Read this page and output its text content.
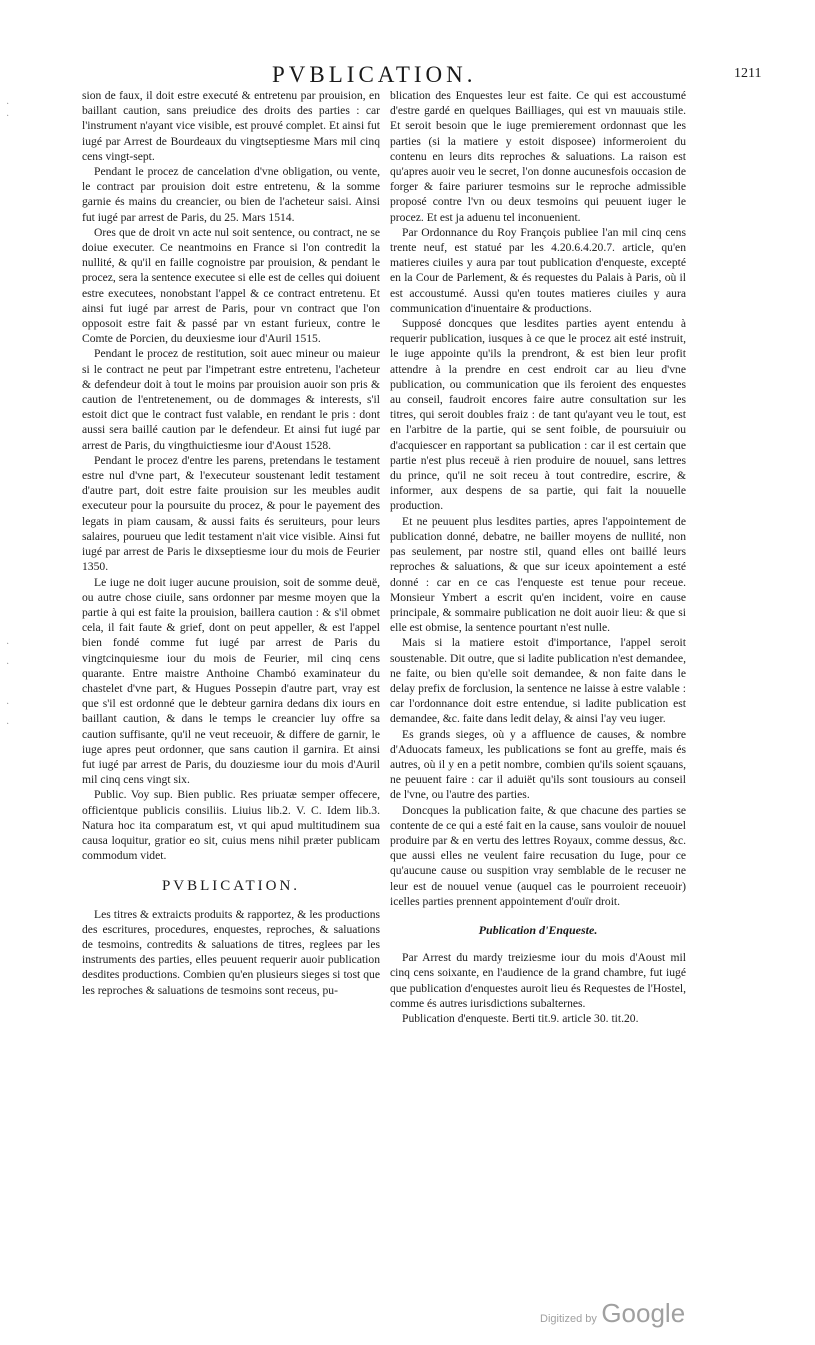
PVBLICATION.	1211
·
·
·
·
·
·

sion de faux, il doit estre executé & entretenu par prouision, en baillant caution, sans preiudice des droits des parties : car l'instrument n'ayant vice visible, est prouvé complet. Et ainsi fut iugé par Arrest de Bourdeaux du vingtseptiesme Mars mil cinq cens vingt-sept.

Pendant le procez de cancelation d'vne obligation, ou vente, le contract par prouision doit estre entretenu, & la somme garnie és mains du creancier, ou bien de l'acheteur saisi. Ainsi fut iugé par arrest de Paris, du 25. Mars 1514.

Ores que de droit vn acte nul soit sentence, ou contract, ne se doiue executer. Ce neantmoins en France si l'on contredit la nullité, & qu'il en faille cognoistre par prouision, & pendant le procez, sera la sentence executee si elle est de celles qui doiuent estre executees, nonobstant l'appel & ce contract entretenu. Et ainsi fut iugé par arrest de Paris, pour vn contract que l'on opposoit estre fait & passé par vn estant furieux, contre le Comte de Porcien, du deuxiesme iour d'Auril 1515.

Pendant le procez de restitution, soit auec mineur ou maieur si le contract ne peut par l'impetrant estre entretenu, l'acheteur & defendeur doit à tout le moins par prouision auoir son pris & caution de l'entretenement, ou de dommages & interests, s'il estoit dict que le contract fust valable, en rendant le pris : dont aussi sera baillé caution par le defendeur. Et ainsi fut iugé par arrest de Paris, du vingthuictiesme iour d'Aoust 1528.

Pendant le procez d'entre les parens, pretendans le testament estre nul d'vne part, & l'executeur soustenant ledit testament d'autre part, doit estre faite prouision sur les meubles audit executeur pour la poursuite du procez, & pour le payement des legats in piam causam, & aussi faits és seruiteurs, pour leurs salaires, pourueu que ledit testament n'ait vice visible. Ainsi fut iugé par arrest de Paris le dixseptiesme iour du mois de Feurier 1350.

Le iuge ne doit iuger aucune prouision, soit de somme deuë, ou autre chose ciuile, sans ordonner par mesme moyen que la partie à qui est faite la prouision, baillera caution : & s'il obmet cela, il fait faute & grief, dont on peut appeller, & est l'appel bien fondé comme fut iugé par arrest de Paris du vingtcinquiesme iour du mois de Feurier, mil cinq cens quarante. Entre maistre Anthoine Chambó examinateur du chastelet d'vne part, & Hugues Possepin d'autre part, vray est que s'il est ordonné que le debteur garnira dedans dix iours en baillant caution, & dans le temps le creancier luy offre sa caution suffisante, qu'il ne veut receuoir, & differe de garnir, le iuge apres peut ordonner, que sans caution il garnira. Et ainsi fut iugé par arrest de Paris, du douziesme iour du mois d'Auril mil cinq cens vingt six.

Public. Voy sup. Bien public. Res priuatæ semper offecere, officientque publicis consiliis. Liuius lib.2. V. C. Idem lib.3. Natura hoc ita comparatum est, vt qui apud multitudinem sua causa loquitur, gratior eo sit, cuius mens nihil præter publicam commodum videt.

PVBLICATION.

Les titres & extraicts produits & rapportez, & les productions des escritures, procedures, enquestes, reproches, & saluations de tesmoins, contredits & saluations de titres, reglees par les instruments des parties, elles peuuent requerir auoir publication desdites productions. Combien qu'en plusieurs sieges si tost que les reproches & saluations de tesmoins sont receus, pu-

blication des Enquestes leur est faite. Ce qui est accoustumé d'estre gardé en quelques Bailliages, qui est vn mauuais stile. Et seroit besoin que le iuge premierement ordonnast que les parties (si la matiere y estoit disposee) informeroient du contenu en leurs dits reproches & saluations. La raison est qu'apres auoir veu le secret, l'on donne aucunesfois occasion de forger & faire pariurer tesmoins sur le reproche admissible proposé contre l'vn ou deux tesmoins qui peuuent iuger le procez. Et est ja aduenu tel inconuenient.

Par Ordonnance du Roy François publiee l'an mil cinq cens trente neuf, est statué par les 4.20.6.4.20.7. article, qu'en matieres ciuiles y aura par tout publication d'enqueste, excepté en la Cour de Parlement, & és requestes du Palais à Paris, où il est accoustumé. Aussi qu'en toutes matieres ciuiles y aura communication d'inuentaire & productions.

Supposé doncques que lesdites parties ayent entendu à requerir publication, iusques à ce que le procez ait esté instruit, le iuge appointe qu'ils la prendront, & est bien leur profit attendre à la prendre en cest endroit car au lieu d'vne publication, ou communication que ils feroient des enquestes au conseil, faudroit encores faire autre consultation sur les titres, qui seroit doubles fraiz : de tant qu'ayant veu le tout, est en l'arbitre de la partie, qui se sent foible, de poursuiuir ou d'acquiescer en rapportant sa publication : car il est certain que partie n'est plus receuë à rien produire de nouuel, sans lettres du prince, qu'il ne soit receu à tout contredire, escrire, & informer, aux despens de sa partie, qui fait la nouuelle production.

Et ne peuuent plus lesdites parties, apres l'appointement de publication donné, debatre, ne bailler moyens de nullité, non pas seulement, par nostre stil, quand elles ont baillé leurs reproches & saluations, & que sur iceux apointement a esté donné : car en ce cas l'enqueste est tenue pour receue. Monsieur Ymbert a escrit qu'en incident, voire en cause principale, & sommaire publication ne doit auoir lieu: & que si elle est obmise, la sentence pourtant n'est nulle.

Mais si la matiere estoit d'importance, l'appel seroit soustenable. Dit outre, que si ladite publication n'est demandee, ne faite, ou bien qu'elle soit demandee, & non faite dans le delay prefix de forclusion, la sentence ne laisse à estre valable : car l'ordonnance doit estre entendue, si ladite publication est demandee, &c. faite dans ledit delay, & ainsi l'ay veu iuger.

Es grands sieges, où y a affluence de causes, & nombre d'Aduocats fameux, les publications se font au greffe, mais és autres, où il y en a petit nombre, combien qu'ils soient sçauans, ne peuuent faire : car il aduiët qu'ils sont tousiours au conseil de l'vne, ou l'autre des parties.

Doncques la publication faite, & que chacune des parties se contente de ce qui a esté fait en la cause, sans vouloir de nouuel produire par & en vertu des lettres Royaux, comme dessus, &c. que aussi elles ne veulent faire recusation du Iuge, pour ce qu'aucune cause ou suspition vray semblable de le recuser ne leur est de nouuel venue (auquel cas le pourroient receuoir) icelles parties prennent appointement d'ouïr droit.

Publication d'Enqueste.

Par Arrest du mardy treiziesme iour du mois d'Aoust mil cinq cens soixante, en l'audience de la grand chambre, fut iugé que publication d'enquestes auroit lieu és Requestes de l'Hostel, comme és autres iurisdictions subalternes.

Publication d'enqueste. Berti tit.9. article 30. tit.20.

Digitized by Google
